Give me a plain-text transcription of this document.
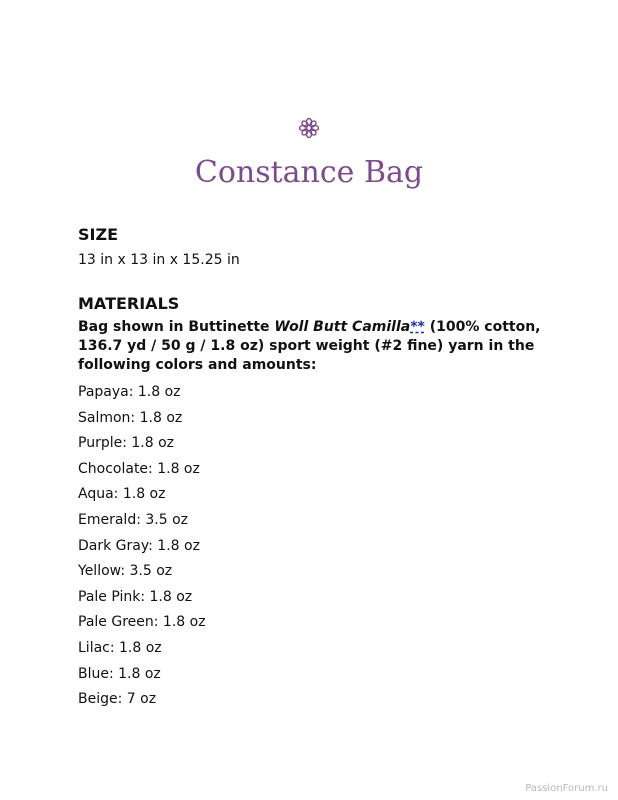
Constance Bag
SIZE
13 in x 13 in x 15.25 in
MATERIALS
Bag shown in Buttinette Woll Butt Camilla** (100% cotton, 136.7 yd / 50 g / 1.8 oz) sport weight (#2 fine) yarn in the following colors and amounts:
Papaya: 1.8 oz
Salmon: 1.8 oz
Purple: 1.8 oz
Chocolate: 1.8 oz
Aqua: 1.8 oz
Emerald: 3.5 oz
Dark Gray: 1.8 oz
Yellow: 3.5 oz
Pale Pink: 1.8 oz
Pale Green: 1.8 oz
Lilac: 1.8 oz
Blue: 1.8 oz
Beige: 7 oz
PassionForum.ru
